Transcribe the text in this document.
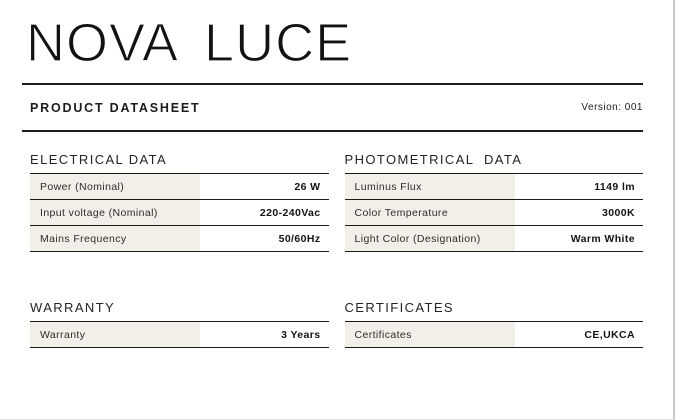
NOVA LUCE
PRODUCT DATASHEET	Version: 001
ELECTRICAL DATA
Power (Nominal)	26 W
Input voltage (Nominal)	220-240Vac
Mains Frequency	50/60Hz
PHOTOMETRICAL  DATA
Luminus Flux	1149 lm
Color Temperature	3000K
Light Color (Designation)	Warm White
WARRANTY
Warranty	3 Years
CERTIFICATES
Certificates	CE,UKCA
